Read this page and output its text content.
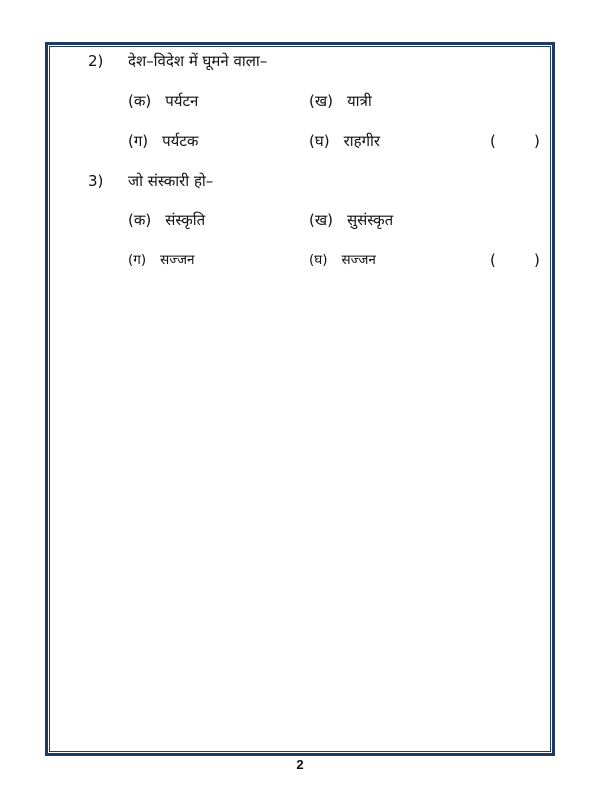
2) देश–विदेश में घूमने वाला–
(क) पर्यटन	(ख) यात्री
(ग) पर्यटक	(घ) राहगीर	(        )
3) जो संस्कारी हो–
(क) संस्कृति	(ख) सुसंस्कृत
(ग) सज्जन	(घ) सज्जन	(        )
2
